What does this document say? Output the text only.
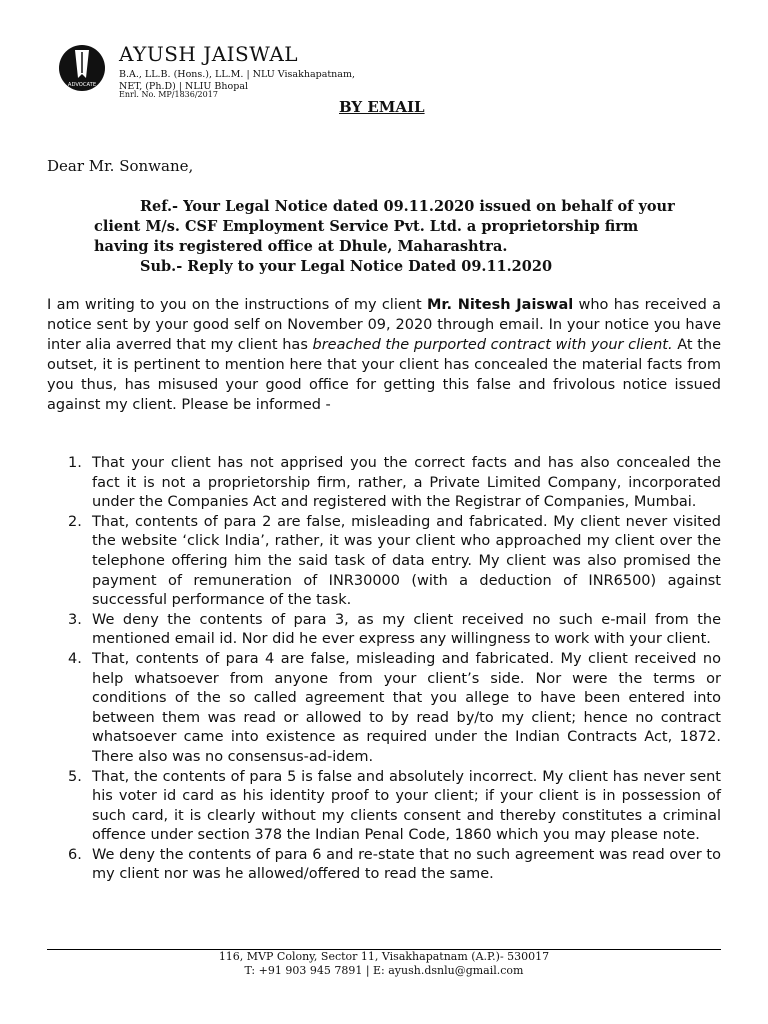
ADVOCATE
AYUSH JAISWAL
B.A., LL.B. (Hons.), LL.M. | NLU Visakhapatnam, NET, (Ph.D) | NLIU Bhopal
Enrl. No. MP/1836/2017
BY EMAIL
Dear Mr. Sonwane,
Ref.- Your Legal Notice dated 09.11.2020 issued on behalf of your
client M/s. CSF Employment Service Pvt. Ltd. a proprietorship firm
having its registered office at Dhule, Maharashtra.
Sub.- Reply to your Legal Notice Dated 09.11.2020
I am writing to you on the instructions of my client Mr. Nitesh Jaiswal who has received a notice sent by your good self on November 09, 2020 through email. In your notice you have inter alia averred that my client has breached the purported contract with your client. At the outset, it is pertinent to mention here that your client has concealed the material facts from you thus, has misused your good office for getting this false and frivolous notice issued against my client. Please be informed -
1. That your client has not apprised you the correct facts and has also concealed the fact it is not a proprietorship firm, rather, a Private Limited Company, incorporated under the Companies Act and registered with the Registrar of Companies, Mumbai.
2. That, contents of para 2 are false, misleading and fabricated. My client never visited the website ‘click India’, rather, it was your client who approached my client over the telephone offering him the said task of data entry. My client was also promised the payment of remuneration of INR30000 (with a deduction of INR6500) against successful performance of the task.
3. We deny the contents of para 3, as my client received no such e-mail from the mentioned email id. Nor did he ever express any willingness to work with your client.
4. That, contents of para 4 are false, misleading and fabricated. My client received no help whatsoever from anyone from your client’s side. Nor were the terms or conditions of the so called agreement that you allege to have been entered into between them was read or allowed to by read by/to my client; hence no contract whatsoever came into existence as required under the Indian Contracts Act, 1872. There also was no consensus-ad-idem.
5. That, the contents of para 5 is false and absolutely incorrect. My client has never sent his voter id card as his identity proof to your client; if your client is in possession of such card, it is clearly without my clients consent and thereby constitutes a criminal offence under section 378 the Indian Penal Code, 1860 which you may please note.
6. We deny the contents of para 6 and re-state that no such agreement was read over to my client nor was he allowed/offered to read the same.
116, MVP Colony, Sector 11, Visakhapatnam (A.P.)- 530017
T: +91 903 945 7891 | E: ayush.dsnlu@gmail.com
